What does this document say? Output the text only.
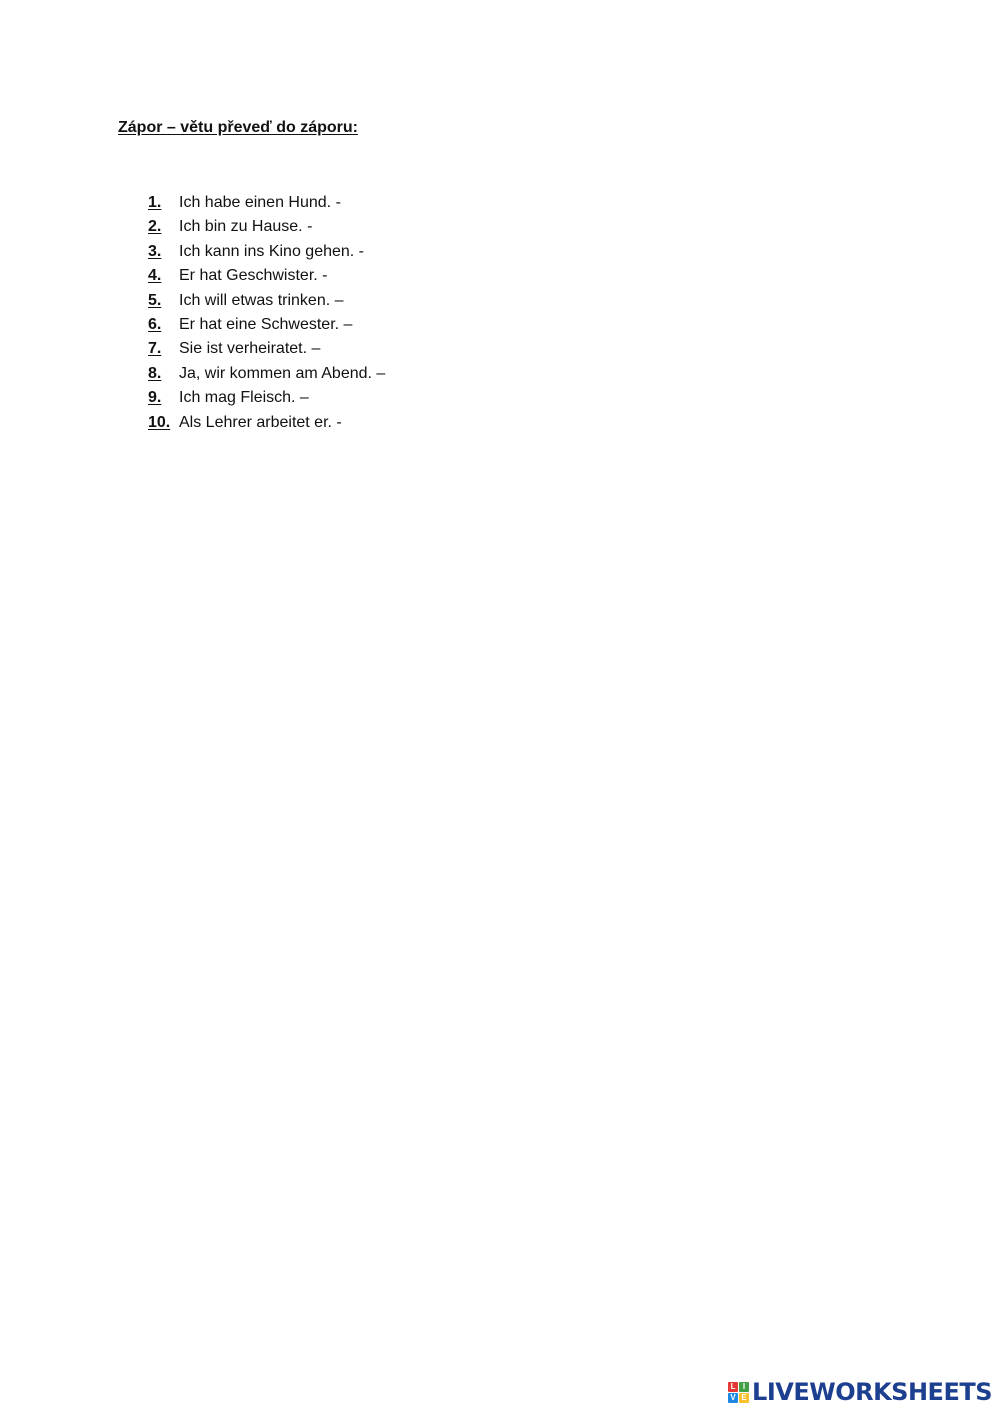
Zápor – větu převeď do záporu:
1.	Ich habe einen Hund. -
2.	Ich bin zu Hause. -
3.	Ich kann ins Kino gehen. -
4.	Er hat Geschwister. -
5.	Ich will etwas trinken. –
6.	Er hat eine Schwester. –
7.	Sie ist verheiratet. –
8.	Ja, wir kommen am Abend. –
9.	Ich mag Fleisch. –
10. Als Lehrer arbeitet er. -
L I
V E LIVEWORKSHEETS
